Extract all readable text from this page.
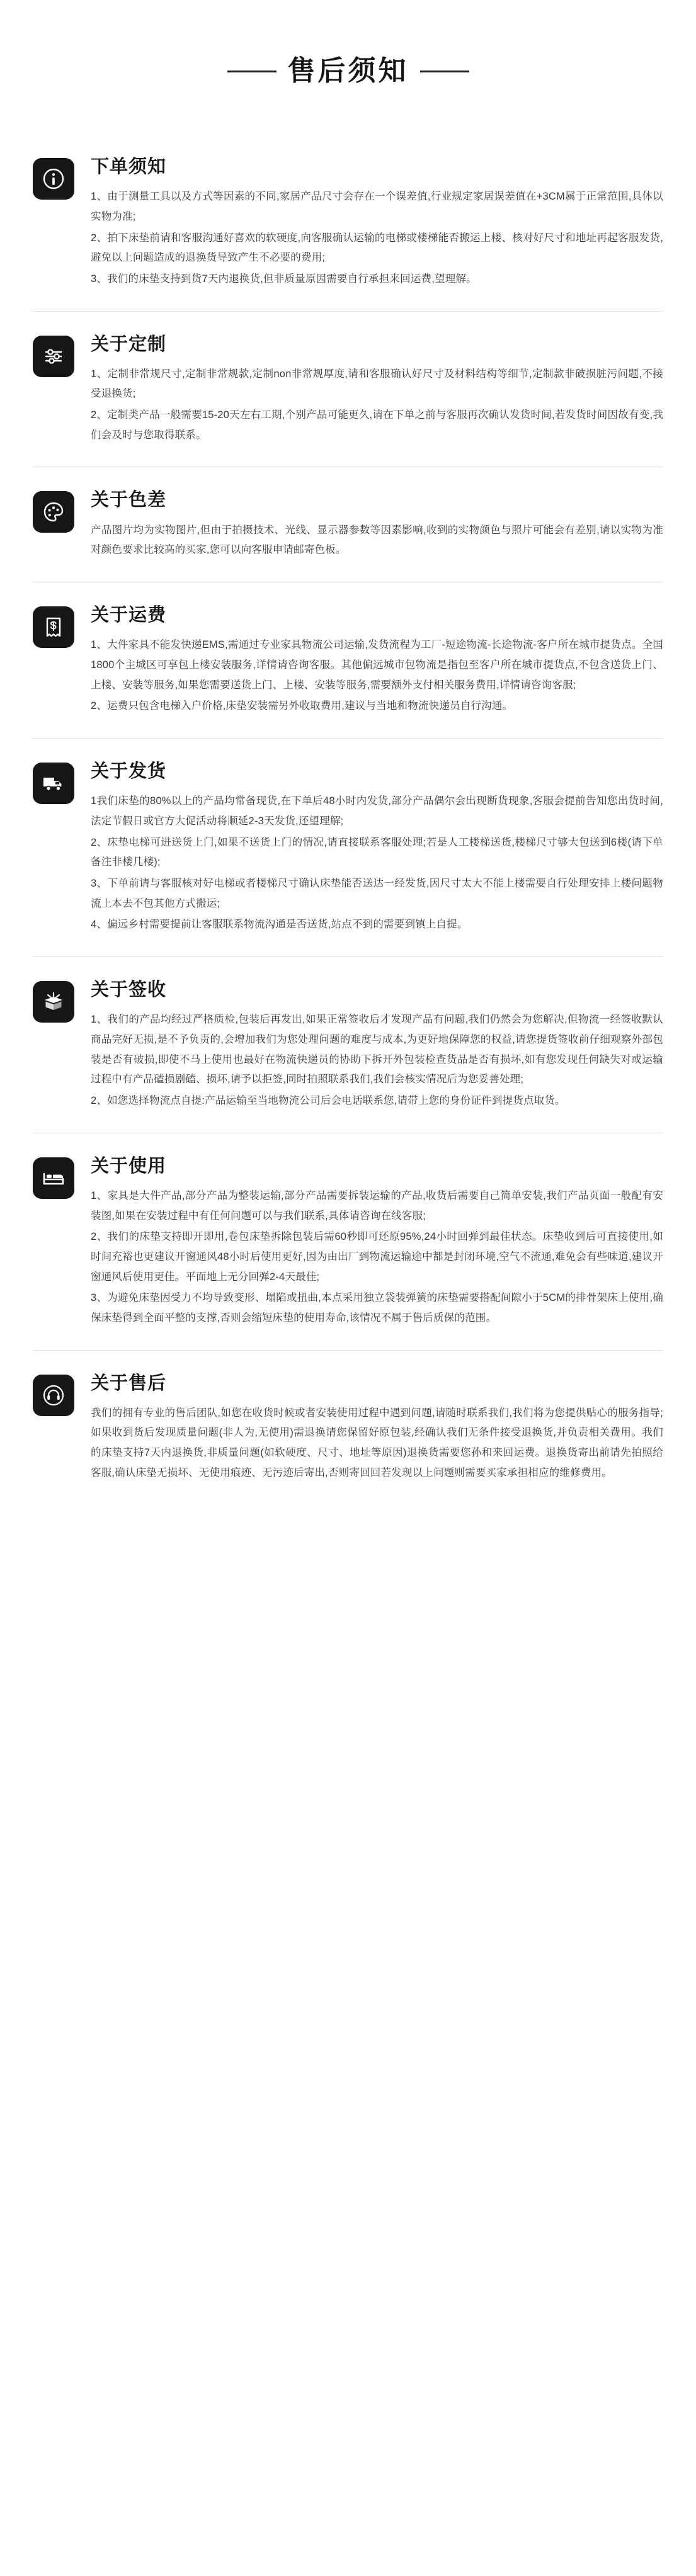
售后须知
下单须知

1、由于测量工具以及方式等因素的不同,家居产品尺寸会存在一个误差值,行业规定家居误差值在+3CM属于正常范围,具体以实物为准;

2、拍下床垫前请和客服沟通好喜欢的软硬度,向客服确认运输的电梯或楼梯能否搬运上楼、核对好尺寸和地址再起客服发货,避免以上问题造成的退换货导致产生不必要的费用;

3、我们的床垫支持到货7天内退换货,但非质量原因需要自行承担来回运费,望理解。

关于定制

1、定制非常规尺寸,定制非常规款,定制non非常规厚度,请和客服确认好尺寸及材料结构等细节,定制款非破损脏污问题,不接受退换货;

2、定制类产品一般需要15-20天左右工期,个别产品可能更久,请在下单之前与客服再次确认发货时间,若发货时间因故有变,我们会及时与您取得联系。

关于色差

产品图片均为实物图片,但由于拍摄技术、光线、显示器参数等因素影响,收到的实物颜色与照片可能会有差别,请以实物为准对颜色要求比较高的买家,您可以向客服申请邮寄色板。

关于运费

1、大件家具不能发快递EMS,需通过专业家具物流公司运输,发货流程为工厂-短途物流-长途物流-客户所在城市提货点。全国1800个主城区可享包上楼安装服务,详情请咨询客服。其他偏远城市包物流是指包至客户所在城市提货点,不包含送货上门、上楼、安装等服务,如果您需要送货上门、上楼、安装等服务,需要额外支付相关服务费用,详情请咨询客服;

2、运费只包含电梯入户价格,床垫安装需另外收取费用,建议与当地和物流快递员自行沟通。

关于发货

1我们床垫的80%以上的产品均常备现货,在下单后48小时内发货,部分产品偶尔会出现断货现象,客服会提前告知您出货时间,法定节假日或官方大促活动将顺延2-3天发货,还望理解;

2、床垫电梯可进送货上门,如果不送货上门的情况,请直接联系客服处理;若是人工楼梯送货,楼梯尺寸够大包送到6楼(请下单备注非楼几楼);

3、下单前请与客服核对好电梯或者楼梯尺寸确认床垫能否送达一经发货,因尺寸太大不能上楼需要自行处理安排上楼问题物流上本去不包其他方式搬运;

4、偏远乡村需要提前让客服联系物流沟通是否送货,站点不到的需要到镇上自提。

关于签收

1、我们的产品均经过严格质检,包装后再发出,如果正常签收后才发现产品有问题,我们仍然会为您解决,但物流一经签收默认商品完好无损,是不予负责的,会增加我们为您处理问题的难度与成本,为更好地保障您的权益,请您提货签收前仔细观察外部包装是否有破损,即使不马上使用也最好在物流快递员的协助下拆开外包装检查货品是否有损坏,如有您发现任何缺失对或运输过程中有产品磕损剧磕、损坏,请予以拒签,同时拍照联系我们,我们会核实情况后为您妥善处理;

2、如您选择物流点自提:产品运输至当地物流公司后会电话联系您,请带上您的身份证件到提货点取货。

关于使用

1、家具是大件产品,部分产品为整装运输,部分产品需要拆装运输的产品,收货后需要自己简单安装,我们产品页面一般配有安装图,如果在安装过程中有任何问题可以与我们联系,具体请咨询在线客服;

2、我们的床垫支持即开即用,卷包床垫拆除包装后需60秒即可还原95%,24小时回弹到最佳状态。床垫收到后可直接使用,如时间充裕也更建议开窗通风48小时后使用更好,因为由出厂到物流运输途中都是封闭环境,空气不流通,难免会有些味道,建议开窗通风后使用更佳。平面地上无分回弹2-4天最佳;

3、为避免床垫因受力不均导致变形、塌陷或扭曲,本点采用独立袋装弹簧的床垫需要搭配间隙小于5CM的排骨架床上使用,确保床垫得到全面平整的支撑,否则会缩短床垫的使用寿命,该情况不属于售后质保的范围。

关于售后

我们的拥有专业的售后团队,如您在收货时候或者安装使用过程中遇到问题,请随时联系我们,我们将为您提供贴心的服务指导;如果收到货后发现质量问题(非人为,无使用)需退换请您保留好原包装,经确认我们无条件接受退换货,并负责相关费用。我们的床垫支持7天内退换货,非质量问题(如软硬度、尺寸、地址等原因)退换货需要您孙和来回运费。退换货寄出前请先拍照给客服,确认床垫无损坏、无使用痕迹、无污迹后寄出,否则寄回回若发现以上问题则需要买家承担相应的维修费用。
